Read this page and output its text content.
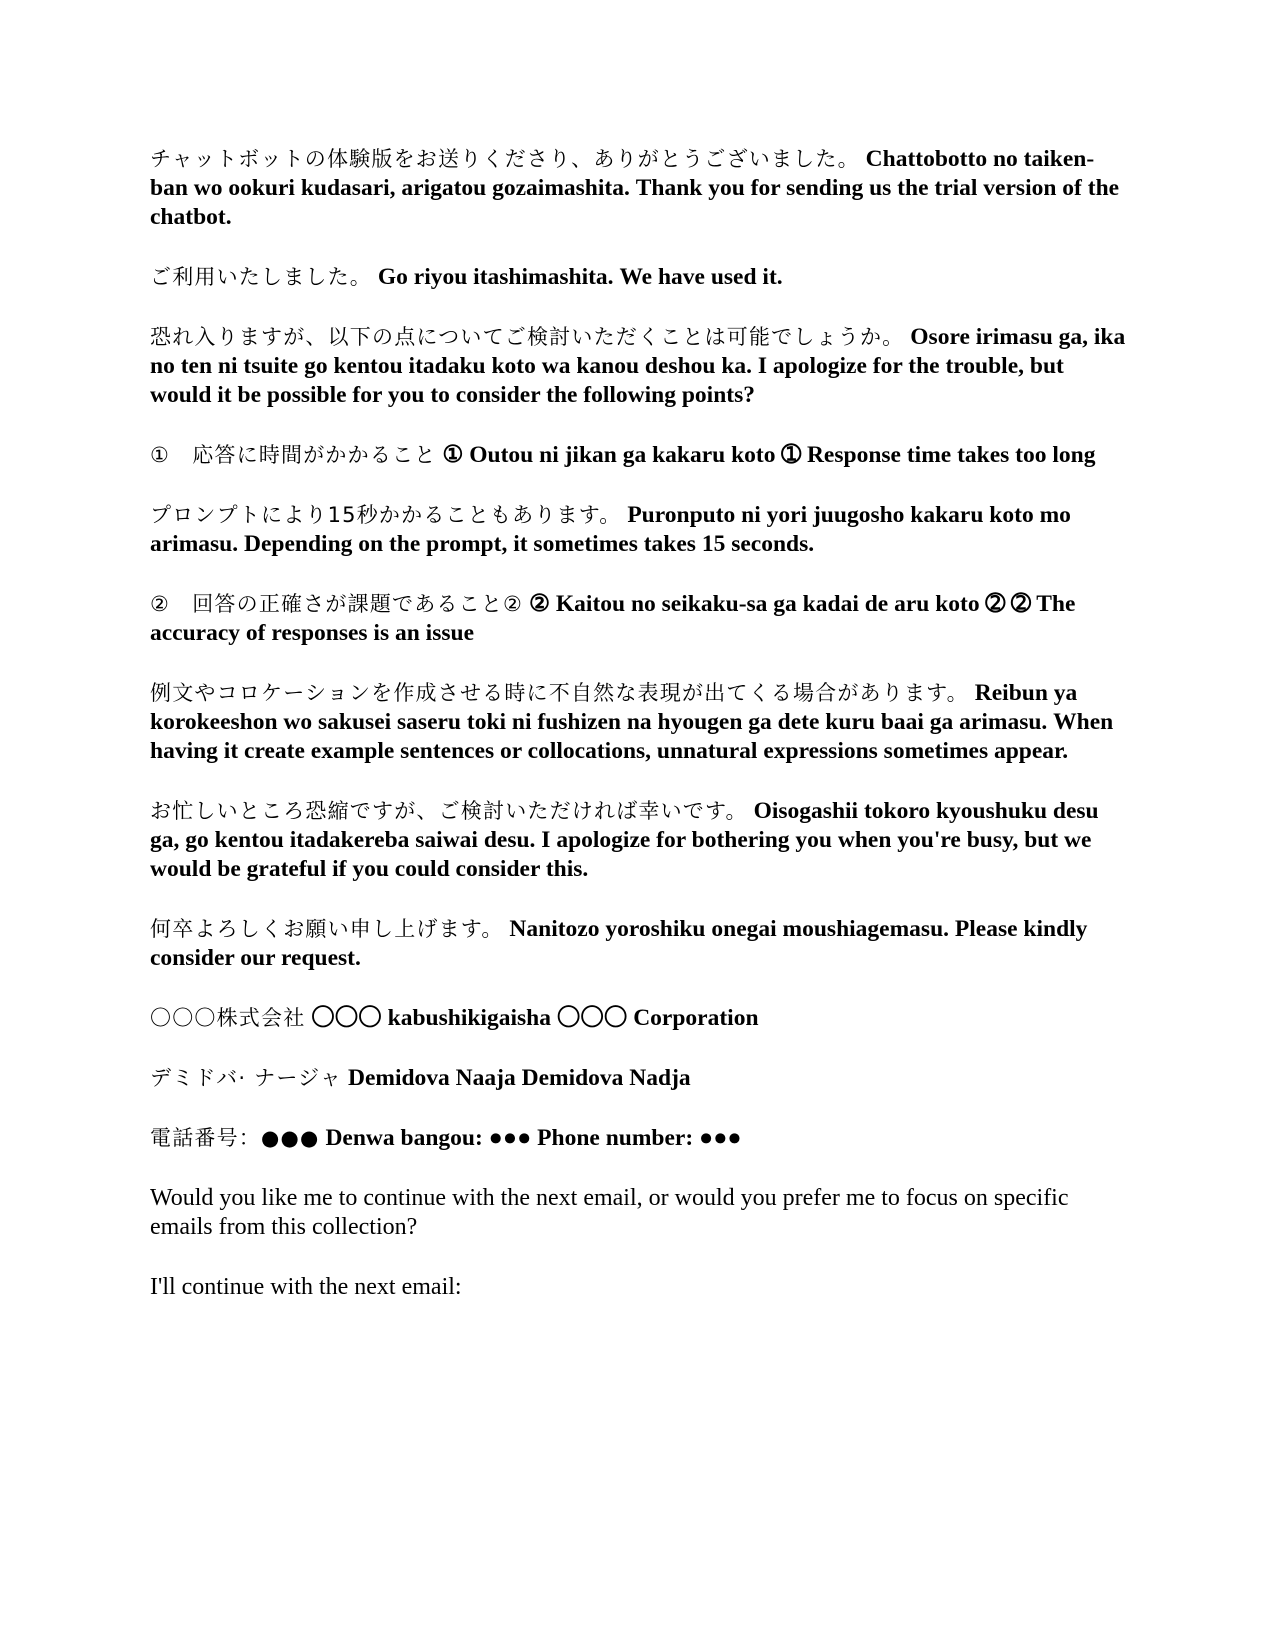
チャットボットの体験版をお送りくださり、ありがとうございました。 Chattobotto no taiken-ban wo ookuri kudasari, arigatou gozaimashita. Thank you for sending us the trial version of the chatbot.

ご利用いたしました。 Go riyou itashimashita. We have used it.

恐れ入りますが、以下の点についてご検討いただくことは可能でしょうか。 Osore irimasu ga, ika no ten ni tsuite go kentou itadaku koto wa kanou deshou ka. I apologize for the trouble, but would it be possible for you to consider the following points?

①　応答に時間がかかること ① Outou ni jikan ga kakaru koto ➀ Response time takes too long

プロンプトにより15秒かかることもあります。 Puronputo ni yori juugosho kakaru koto mo arimasu. Depending on the prompt, it sometimes takes 15 seconds.

②　回答の正確さが課題であること② ② Kaitou no seikaku-sa ga kadai de aru koto ➁ ➁ The accuracy of responses is an issue

例文やコロケーションを作成させる時に不自然な表現が出てくる場合があります。 Reibun ya korokeeshon wo sakusei saseru toki ni fushizen na hyougen ga dete kuru baai ga arimasu. When having it create example sentences or collocations, unnatural expressions sometimes appear.

お忙しいところ恐縮ですが、ご検討いただければ幸いです。 Oisogashii tokoro kyoushuku desu ga, go kentou itadakereba saiwai desu. I apologize for bothering you when you're busy, but we would be grateful if you could consider this.

何卒よろしくお願い申し上げます。 Nanitozo yoroshiku onegai moushiagemasu. Please kindly consider our request.

〇〇〇株式会社 〇〇〇 kabushikigaisha 〇〇〇 Corporation

デミドバ· ナージャ Demidova Naaja Demidova Nadja

電話番号：●●● Denwa bangou: ●●● Phone number: ●●●

Would you like me to continue with the next email, or would you prefer me to focus on specific emails from this collection?

I'll continue with the next email:
